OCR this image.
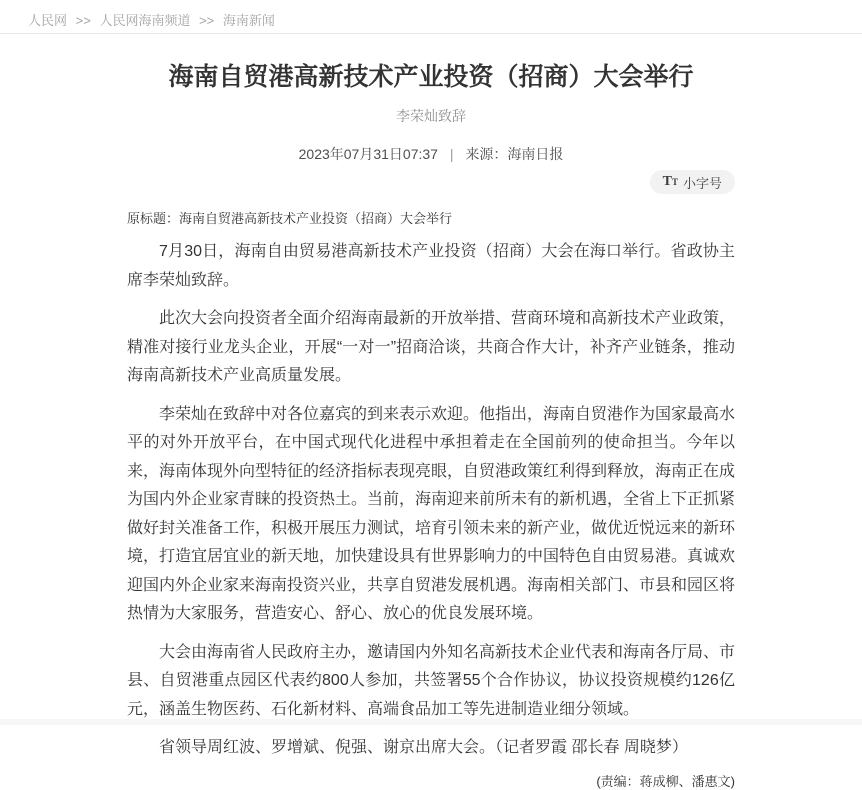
人民网 >> 人民网海南频道 >> 海南新闻
海南自贸港高新技术产业投资（招商）大会举行
李荣灿致辞
2023年07月31日07:37 | 来源：海南日报
T T 小字号
原标题：海南自贸港高新技术产业投资（招商）大会举行

7月30日，海南自由贸易港高新技术产业投资（招商）大会在海口举行。省政协主席李荣灿致辞。

此次大会向投资者全面介绍海南最新的开放举措、营商环境和高新技术产业政策，精准对接行业龙头企业，开展“一对一”招商洽谈，共商合作大计，补齐产业链条，推动海南高新技术产业高质量发展。

李荣灿在致辞中对各位嘉宾的到来表示欢迎。他指出，海南自贸港作为国家最高水平的对外开放平台，在中国式现代化进程中承担着走在全国前列的使命担当。今年以来，海南体现外向型特征的经济指标表现亮眼，自贸港政策红利得到释放，海南正在成为国内外企业家青睐的投资热土。当前，海南迎来前所未有的新机遇，全省上下正抓紧做好封关准备工作，积极开展压力测试，培育引领未来的新产业，做优近悦远来的新环境，打造宜居宜业的新天地，加快建设具有世界影响力的中国特色自由贸易港。真诚欢迎国内外企业家来海南投资兴业，共享自贸港发展机遇。海南相关部门、市县和园区将热情为大家服务，营造安心、舒心、放心的优良发展环境。

大会由海南省人民政府主办，邀请国内外知名高新技术企业代表和海南各厅局、市县、自贸港重点园区代表约800人参加，共签署55个合作协议，协议投资规模约126亿元，涵盖生物医药、石化新材料、高端食品加工等先进制造业细分领域。

省领导周红波、罗增斌、倪强、谢京出席大会。（记者罗霞 邵长春 周晓梦）

(责编：蒋成柳、潘惠文)
